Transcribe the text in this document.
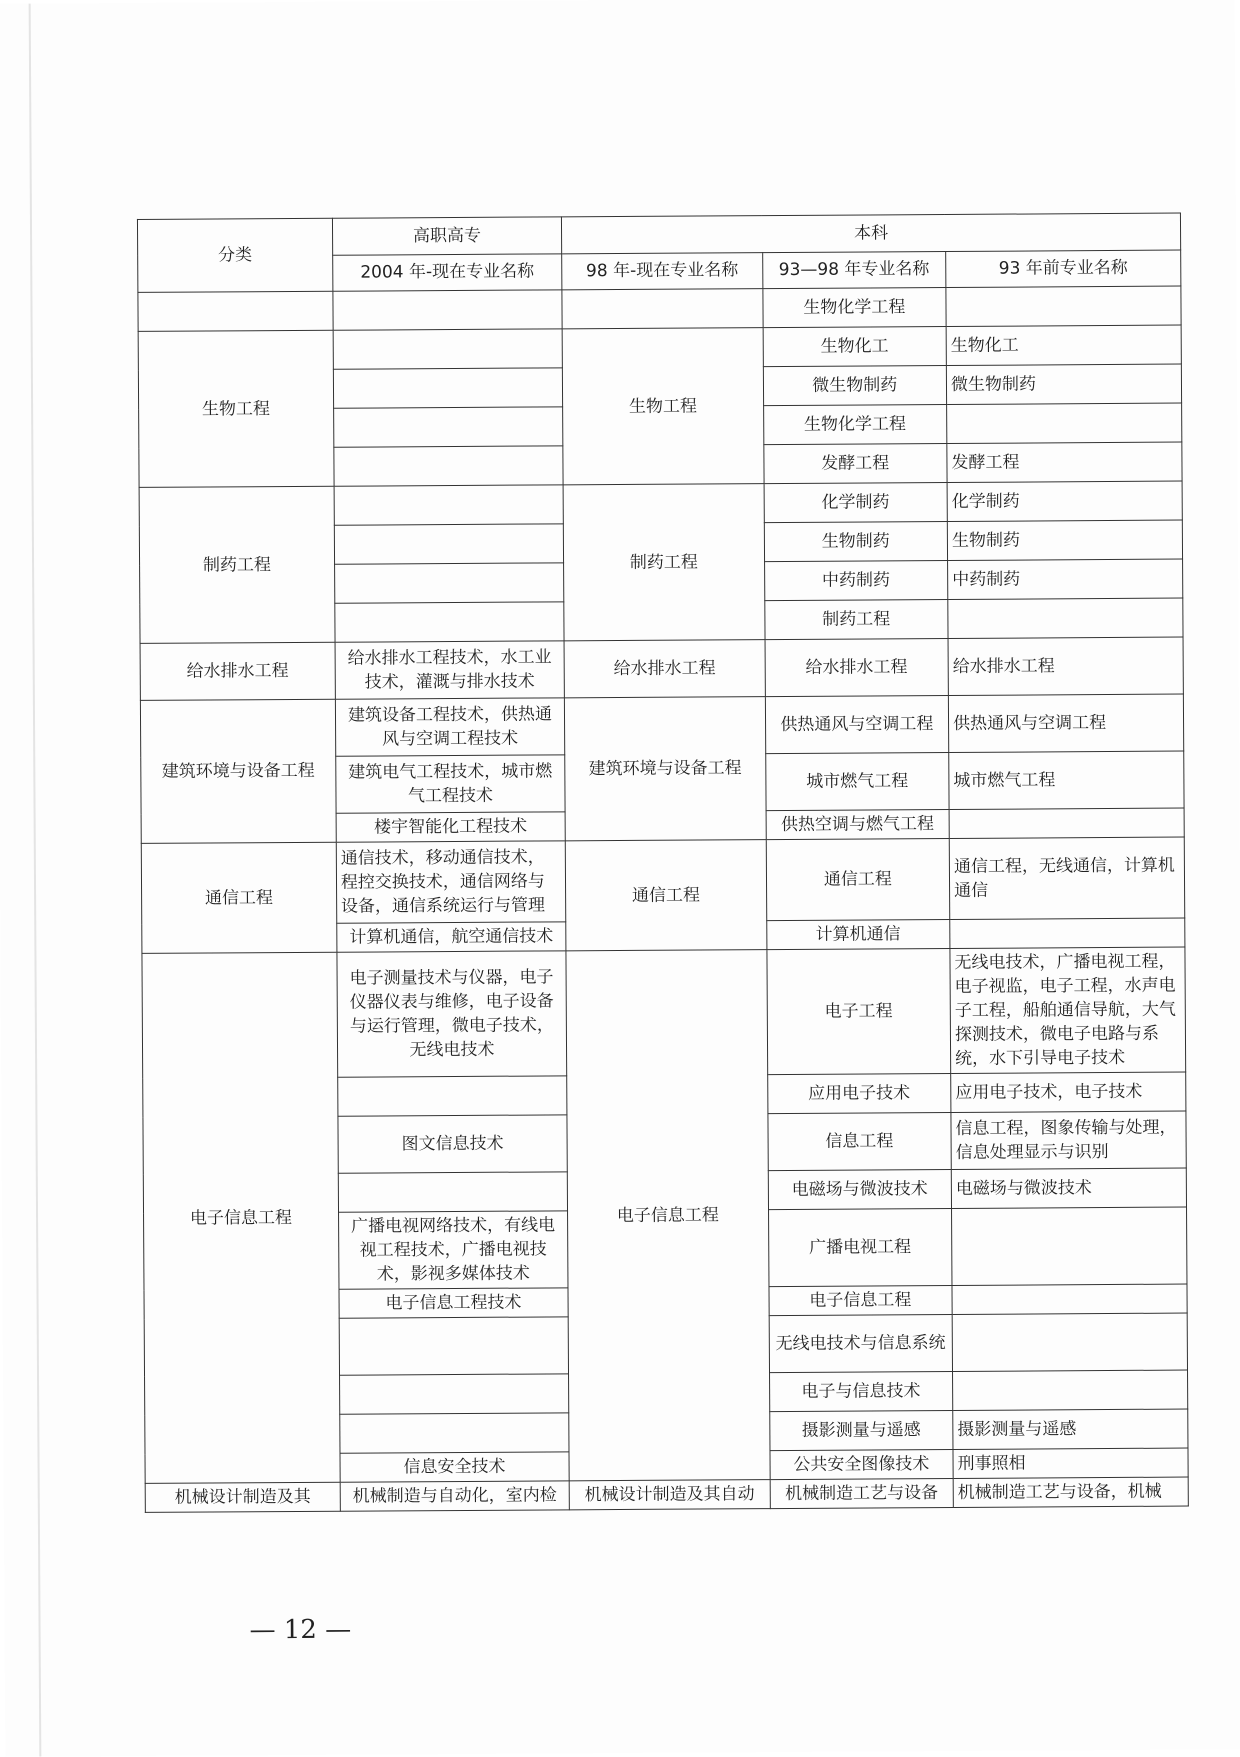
分类	高职高专	本科		
	2004 年-现在专业名称	98 年-现在专业名称	93—98 年专业名称	93 年前专业名称
			生物化学工程	
生物工程		生物工程	生物化工	生物化工
			微生物制药	微生物制药
			生物化学工程	
			发酵工程	发酵工程
制药工程		制药工程	化学制药	化学制药
			生物制药	生物制药
			中药制药	中药制药
			制药工程	
给水排水工程	给水排水工程技术，水工业技术，灌溉与排水技术	给水排水工程	给水排水工程	给水排水工程
建筑环境与设备工程	建筑设备工程技术，供热通风与空调工程技术	建筑环境与设备工程	供热通风与空调工程	供热通风与空调工程
	建筑电气工程技术，城市燃气工程技术		城市燃气工程	城市燃气工程
	楼宇智能化工程技术		供热空调与燃气工程	
通信工程	通信技术，移动通信技术，程控交换技术，通信网络与设备，通信系统运行与管理	通信工程	通信工程	通信工程，无线通信，计算机通信
	计算机通信，航空通信技术		计算机通信	
电子信息工程	电子测量技术与仪器，电子仪器仪表与维修，电子设备与运行管理，微电子技术，无线电技术	电子信息工程	电子工程	无线电技术，广播电视工程，电子视监，电子工程，水声电子工程，船舶通信导航，大气探测技术，微电子电路与系统，水下引导电子技术
			应用电子技术	应用电子技术，电子技术
	图文信息技术		信息工程	信息工程，图象传输与处理，信息处理显示与识别
			电磁场与微波技术	电磁场与微波技术
	广播电视网络技术，有线电视工程技术，广播电视技术，影视多媒体技术		广播电视工程	
	电子信息工程技术		电子信息工程	
			无线电技术与信息系统	
			电子与信息技术	
			摄影测量与遥感	摄影测量与遥感
	信息安全技术		公共安全图像技术	刑事照相
机械设计制造及其	机械制造与自动化，室内检	机械设计制造及其自动	机械制造工艺与设备	机械制造工艺与设备，机械
— 12 —
